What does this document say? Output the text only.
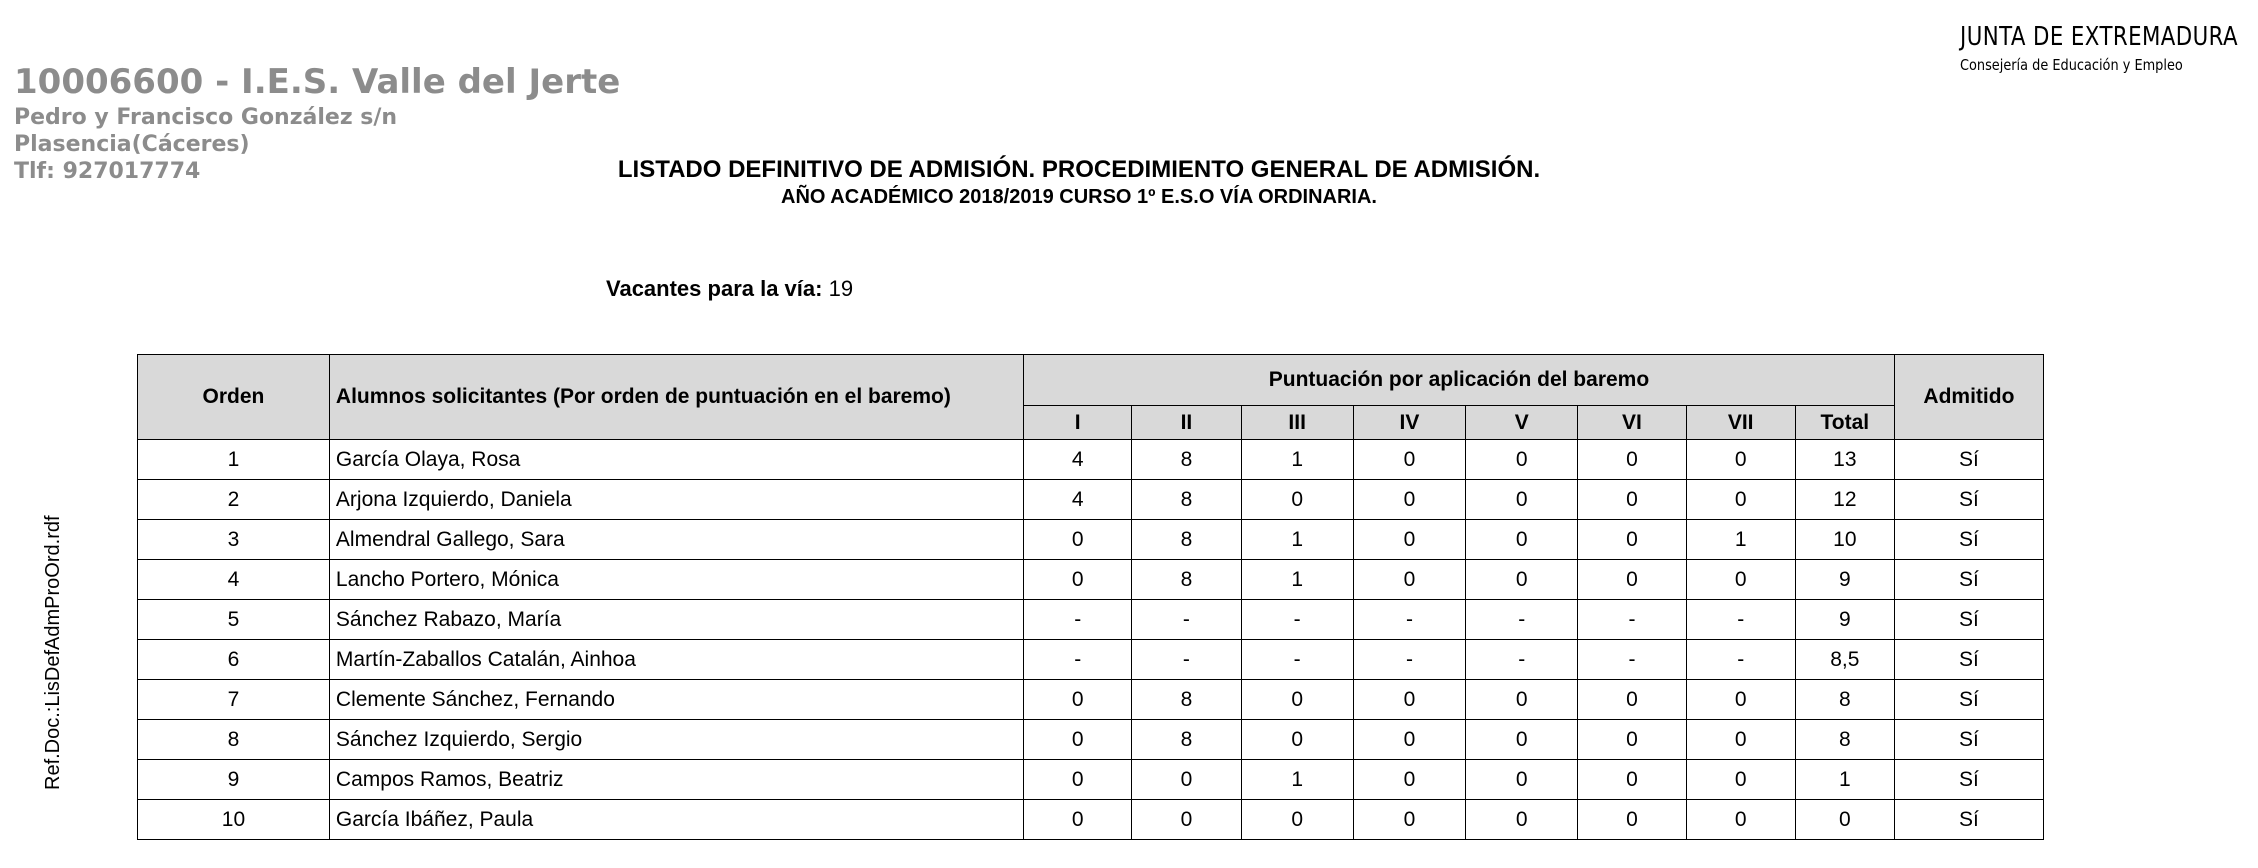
10006600 - I.E.S. Valle del Jerte
Pedro y Francisco González s/n
Plasencia(Cáceres)
Tlf: 927017774
JUNTA DE EXTREMADURA
Consejería de Educación y Empleo
LISTADO DEFINITIVO DE ADMISIÓN. PROCEDIMIENTO GENERAL DE ADMISIÓN.
AÑO ACADÉMICO 2018/2019 CURSO 1º E.S.O VÍA ORDINARIA.
Vacantes para la vía: 19
Ref.Doc.:LisDefAdmProOrd.rdf
Orden	Alumnos solicitantes (Por orden de puntuación en el baremo)	Puntuación por aplicación del baremo								Admitido
		I	II	III	IV	V	VI	VII	Total	
1	García Olaya, Rosa	4	8	1	0	0	0	0	13	Sí
2	Arjona Izquierdo, Daniela	4	8	0	0	0	0	0	12	Sí
3	Almendral Gallego, Sara	0	8	1	0	0	0	1	10	Sí
4	Lancho Portero, Mónica	0	8	1	0	0	0	0	9	Sí
5	Sánchez Rabazo, María	-	-	-	-	-	-	-	9	Sí
6	Martín-Zaballos Catalán, Ainhoa	-	-	-	-	-	-	-	8,5	Sí
7	Clemente Sánchez, Fernando	0	8	0	0	0	0	0	8	Sí
8	Sánchez Izquierdo, Sergio	0	8	0	0	0	0	0	8	Sí
9	Campos Ramos, Beatriz	0	0	1	0	0	0	0	1	Sí
10	García Ibáñez, Paula	0	0	0	0	0	0	0	0	Sí
